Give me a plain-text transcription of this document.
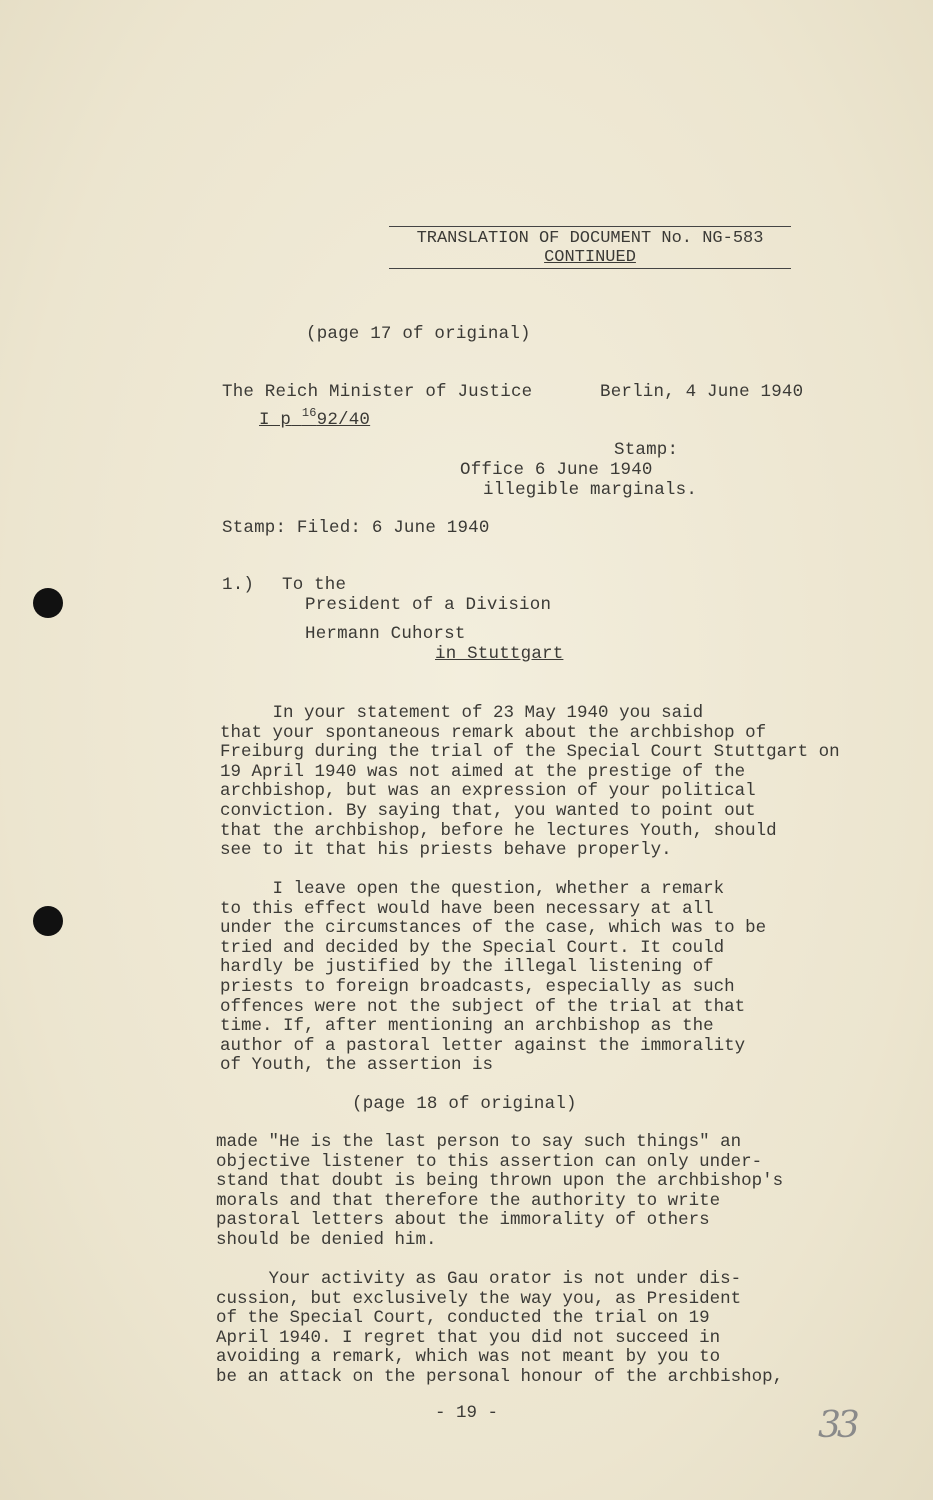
TRANSLATION OF DOCUMENT No. NG-583
CONTINUED
(page 17 of original)
The Reich Minister of Justice	Berlin, 4 June 1940
I p $^{16}$92/40
Stamp:
Office 6 June 1940
illegible marginals.
Stamp: Filed: 6 June 1940
1.) To the
President of a Division
Hermann Cuhorst
in Stuttgart
In your statement of 23 May 1940 you said
that your spontaneous remark about the archbishop of
Freiburg during the trial of the Special Court Stuttgart on
19 April 1940 was not aimed at the prestige of the
archbishop, but was an expression of your political
conviction. By saying that, you wanted to point out
that the archbishop, before he lectures Youth, should
see to it that his priests behave properly.
I leave open the question, whether a remark
to this effect would have been necessary at all
under the circumstances of the case, which was to be
tried and decided by the Special Court. It could
hardly be justified by the illegal listening of
priests to foreign broadcasts, especially as such
offences were not the subject of the trial at that
time. If, after mentioning an archbishop as the
author of a pastoral letter against the immorality
of Youth, the assertion is
(page 18 of original)
made "He is the last person to say such things" an
objective listener to this assertion can only under-
stand that doubt is being thrown upon the archbishop's
morals and that therefore the authority to write
pastoral letters about the immorality of others
should be denied him.
Your activity as Gau orator is not under dis-
cussion, but exclusively the way you, as President
of the Special Court, conducted the trial on 19
April 1940. I regret that you did not succeed in
avoiding a remark, which was not meant by you to
be an attack on the personal honour of the archbishop,
- 19 -	33
